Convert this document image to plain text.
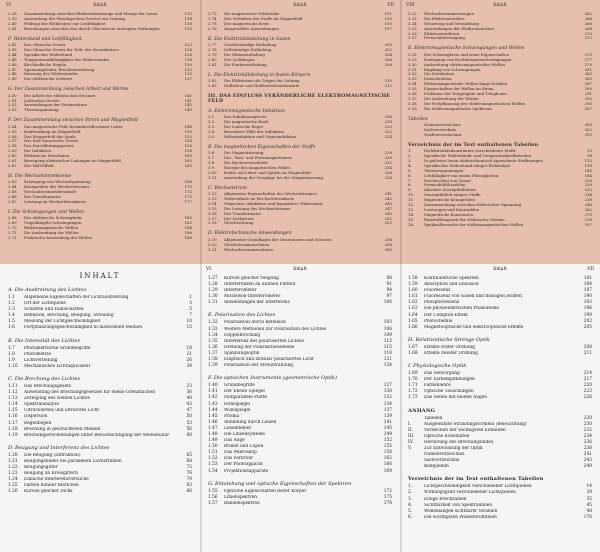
VI	Inhalt
2.38	Zusammenhang zwischen Elektrizitätsmenge und Menge der Ionen	113
2.39	Anwendung der Faradayschen Gesetze zur Leitung	114
2.40	Prüfung der Elektrolyse zur Leitfähigkeit	118
2.41	Beziehungen zwischen den durch Gleichstrom erzeugten Wirkungen	120
F. Widerstand und Leitfähigkeit
2.42	Das Ohmsche Gesetz	123
2.43	Das Ohmsche Gesetz für Teile des Stromkreises	124
2.44	Spezifischer Widerstand	126
2.45	Temperaturabhängigkeit des Widerstandes	128
2.46	Kirchhoffsche Regeln	130
2.47	Spannungsteiler, Brückenschaltung	133
2.48	Messung des Widerstandes	135
2.49	Der elektrische Leitwert	137
G. Der Zusammenhang zwischen Arbeit und Wärme
2.50	Die Arbeit des elektrischen Stromes	140
2.51	Joulesches Gesetz	141
2.52	Anwendungen der Stromwärme	143
2.53	Thermospannung	145
F. Der Zusammenhang zwischen Strom und Magnetfeld
2.54	Das magnetische Feld stromdurchflossener Leiter	148
2.55	Kraftwirkung im Magnetfeld	150
2.56	Das Magnetfeld der Spule	152
2.57	Das Biot-Savartsche Gesetz	154
2.58	Das Durchflutungsgesetz	156
2.59	Die Induktion	158
2.60	Elektrische Maschinen	160
2.61	Bewegung elektrischer Ladungen im Magnetfeld	163
2.62	Der Hall-Effekt	165
H. Die Wechselstromkreise
2.63	Erzeugung von Wechselspannung	168
2.64	Kenngrößen des Wechselstromes	170
2.65	Wechselstromwiderstände	172
2.66	Der Transformator	175
2.67	Leistung im Wechselstromkreis	177
I. Die Schwingungen und Wellen
2.68	Der elektrische Schwingkreis	180
2.69	Ungedämpfte Schwingungen	182
2.70	Elektromagnetische Wellen	184
2.71	Die Ausbreitung der Wellen	186
2.72	Praktische Anwendung der Wellen	188
Inhalt	VII
2.73	Die magnetische Feldstärke	191
2.74	Das Verhalten der Stoffe im Magnetfeld	193
2.75	Der magnetische Kreis	195
2.76	Ausgewählte Anwendungen	197
K. Die Elektrizitätsleitung in Gasen
2.77	Unselbständige Entladung	200
2.78	Selbständige Entladung	202
2.79	Die Glimmentladung	204
2.80	Der Lichtbogen	206
2.81	Die Funkenentladung	208
L. Die Elektrizitätsleitung in festen Körpern
2.82	Die Elektronen als Träger der Leitung	210
2.83	Halbleiter und Halbleiterbauelemente	212
III. DAS EINFLUSS VERÄNDERLICHE ELEKTROMAGNETISCHE FELD
A. Elektromagnetische Induktion
3.1	Das Induktionsgesetz	216
3.2	Die magnetische Kraft	218
3.3	Die Lenzsche Regel	220
3.4	Besondere Fälle der Induktion	222
3.5	Selbstinduktion und Gegeninduktion	224
B. Die magnetischen Eigenschaften der Stoffe
3.6	Die Magnetisierung	228
3.7	Dia-, Para- und Ferromagnetismus	230
3.8	Die Hysteresisschleife	232
3.9	Energie des magnetischen Feldes	234
3.10	Kräfte auf Leiter und Spulen im Magnetfeld	236
3.11	Anwendung der Vorgänge bei der Magnetisierung	238
C. Wechselstrom
3.12	Allgemeine Eigenschaften des Wechselstromes	241
3.13	Widerstände im Wechselstromkreis	243
3.14	Ohmscher, induktiver und kapazitiver Widerstand	245
3.15	Die Leistung des Wechselstromes	247
3.16	Der Transformator	249
3.17	Der Drehstrom	251
3.18	Gleichrichtung	253
D. Elektrotechnische Anwendungen
3.19	Allgemeine Grundlagen der Generatoren und Motoren	256
3.20	Gleichstrommaschinen	258
3.21	Wechselstrommaschinen	260
VIII	Inhalt
3.22	Wechselstrommessungen	262
3.23	Die Elektronenröhre	264
3.24	Steuerung und Verstärkung	266
3.25	Anwendungen der Elektronenröhre	268
3.26	Elektronenröhren	270
3.27	Fernsehübertragung	272
E. Elektromagnetische Schwingungen und Wellen
3.28	Der Schwingkreis und seine Eigenschaften	275
3.29	Erzeugung von Hochfrequenzschwingungen	277
3.30	Ausbreitung elektromagnetischer Wellen	279
3.31	Empfang von Schwingungen	281
3.32	Die Modulation	283
3.33	Demodulation	285
3.34	Elektromagnetische Wellen längs Drähten	287
3.35	Eigenschaften der Wellen im Raum	289
3.36	Probleme der Telegraphie und Telephonie	291
3.37	Die Ausbreitung der Wellen	293
3.38	Die Fortpflanzung der elektromagnetischen Wellen	295
3.39	Die elektromagnetische Spektrum	297
Tabellen
Namenverzeichnis	300
Sachverzeichnis	302
Quellenverzeichnis	310
Verzeichnis der im Text enthaltenen Tabellen
1.	Dielektrizitätskonstanten verschiedener Stoffe	13
2.	Spezifische Widerstände und Temperaturkoeffizienten	98
3.	In gelösten Ionen elektrochemisch äquivalente Stoffmengen	113
4.	Spezifischer Widerstand einiger Elektrolyte	118
5.	Thermospannungen	145
6.	Leitfähigkeit von einem Flüssigkeiten	164
7.	Durchschlag von Gasen	206
8.	Permeabilitätszahlen	230
9.	Absolute Suszeptibilitäten	232
10.	Suszeptibilität einiger Stoffe	234
11.	Magnetische Kenngrößen	236
12.	Zusammenhang zwischen elektrischer Spannung	248
13.	Leistungen und Kennzahlen	262
14.	Magnetische Konstanten	270
15.	Einstrahlungszeit für elektrische Ströme	276
16.	Spektralbereiche der elektromagnetischen Wellen	297
INHALT
A. Die Ausbreitung des Lichtes
1.1	Allgemeine Eigenschaften der Lichtausbreitung	1
1.2	Ort der Lichtquelle	3
1.3	Schatten und Halbschatten	5
1.4	Reflexion, Brechung, Beugung, Streuung	7
1.5	Messung der Lichtgeschwindigkeit	10
1.6	Fortpflanzungsgeschwindigkeit in materiellen Medien	15
B. Die Intensität des Lichtes
1.7	Photometrische Grundbegriffe	18
1.8	Photometrie	21
1.9	Lichtverteilung	26
1.10	Mechanisches Lichtäquivalent	30
C. Die Brechung des Lichtes
1.11	Das Brechungsgesetz	33
1.12	Anwendung des Brechungsgesetzes für ebene Grenzflächen	36
1.13	Zerlegung des weißen Lichtes	40
1.14	Spektralanalyse	43
1.15	Ultraviolettes und ultrarotes Licht	47
1.16	Dispersion	50
1.17	Regenbogen	53
1.18	Brechung in geschichteten Medien	56
1.19	Brechungserscheinungen unter Berücksichtigung der Wellennatur	60
D. Beugung und Interferenz des Lichtes
1.20	Die Beugung (Diffraktion)	65
1.21	Beugungsbilder bei parallelem Lichtstrahlen	68
1.22	Beugungsgitter	72
1.23	Beugung an Kreisgittern	76
1.24	Einfache Interferenzversuche	79
1.25	Farben dünner Blättchen	83
1.26	Kurven gleicher Dicke	86
VI	Inhalt
1.27	Kurven gleicher Neigung	88
1.28	Interferenzen an dünnen Platten	91
1.29	Interferometer	94
1.30	Michelson-Interferometer	97
1.31	Anwendungen der Interferenz	100
E. Polarisation des Lichtes
1.32	Polarisation durch Reflexion	103
1.33	Weitere Methoden zur Polarisation des Lichtes	106
1.34	Doppelbrechung	109
1.35	Interferenz des polarisierten Lichtes	112
1.36	Drehung der Polarisationsebene	115
1.37	Spannungsoptik	118
1.38	Elliptisch und zirkular polarisiertes Licht	121
1.39	Polarisation der Streustrahlung	124
F. Die optischen Instrumente (geometrische Optik)
1.40	Grundbegriffe	127
1.41	Der Ebene Spiegel	130
1.42	Planparallele Platte	132
1.43	Hohlspiegel	134
1.44	Wölbspiegel	137
1.45	Prisma	139
1.46	Abbildung durch Linsen	141
1.47	Linsenfehler	145
1.48	Die Linsensysteme	149
1.49	Das Auge	152
1.50	Brillen und Lupen	155
1.51	Das Mikroskop	158
1.52	Das Fernrohr	162
1.53	Der Photoapparat	166
1.54	Projektionsapparate	169
G. Entstehung und optische Eigenschaften der Spektren
1.55	Optische Eigenschaften fester Körper	172
1.56	Linienspektren	175
1.57	Bandenspektren	178
Inhalt	VII
1.58	Kontinuierliche Spektren	181
1.59	Absorption und Emission	184
1.60	Fluoreszenz	187
1.61	Fluoreszenz von Gasen und flüssigen Stoffen	190
1.62	Phosphoreszenz	193
1.63	Die photoelektrischen Phänomene	196
1.64	Der Compton-Effekt	199
1.65	Photochemie	202
1.66	Magnetooptische und elektrooptische Effekte	205
H. Relativistische Strenge Optik
1.67	Effekte erster Ordnung	208
1.68	Effekte zweiter Ordnung	211
I. Physiologische Optik
1.69	Das Sehvorgang	214
1.70	Der Farbempfindungen	217
1.71	Farbenlehre	220
1.72	Optische Täuschungen	223
1.73	Das Sehen mit beiden Augen	226
ANHANG
Tabellen	229
I.	Ausgewählte Strahlungsformeln (Beleuchtung)	230
II.	Vorzeichen der wichtigsten Einheiten	232
III.	Optische Konstanten	234
IV.	Herleitung des Brechungsindex	236
V.	Zur Entwicklung der Optik	238
Namenverzeichnis	241
Sachverzeichnis	243
Bildquellen	249
Verzeichnis der im Text enthaltenen Tabellen
1.	Lichtgeschwindigkeit verschiedener Lichtquellen	14
2.	Wirkungsgrad verschiedener Lichtquellen	29
3.	Einige Brechzahlen	35
4.	Sichtbarkeit von Spektrallinien	45
5.	Wellenlängen sichtbarer Strahlen	48
6.	Die wichtigsten Wasserstofflinien	176
